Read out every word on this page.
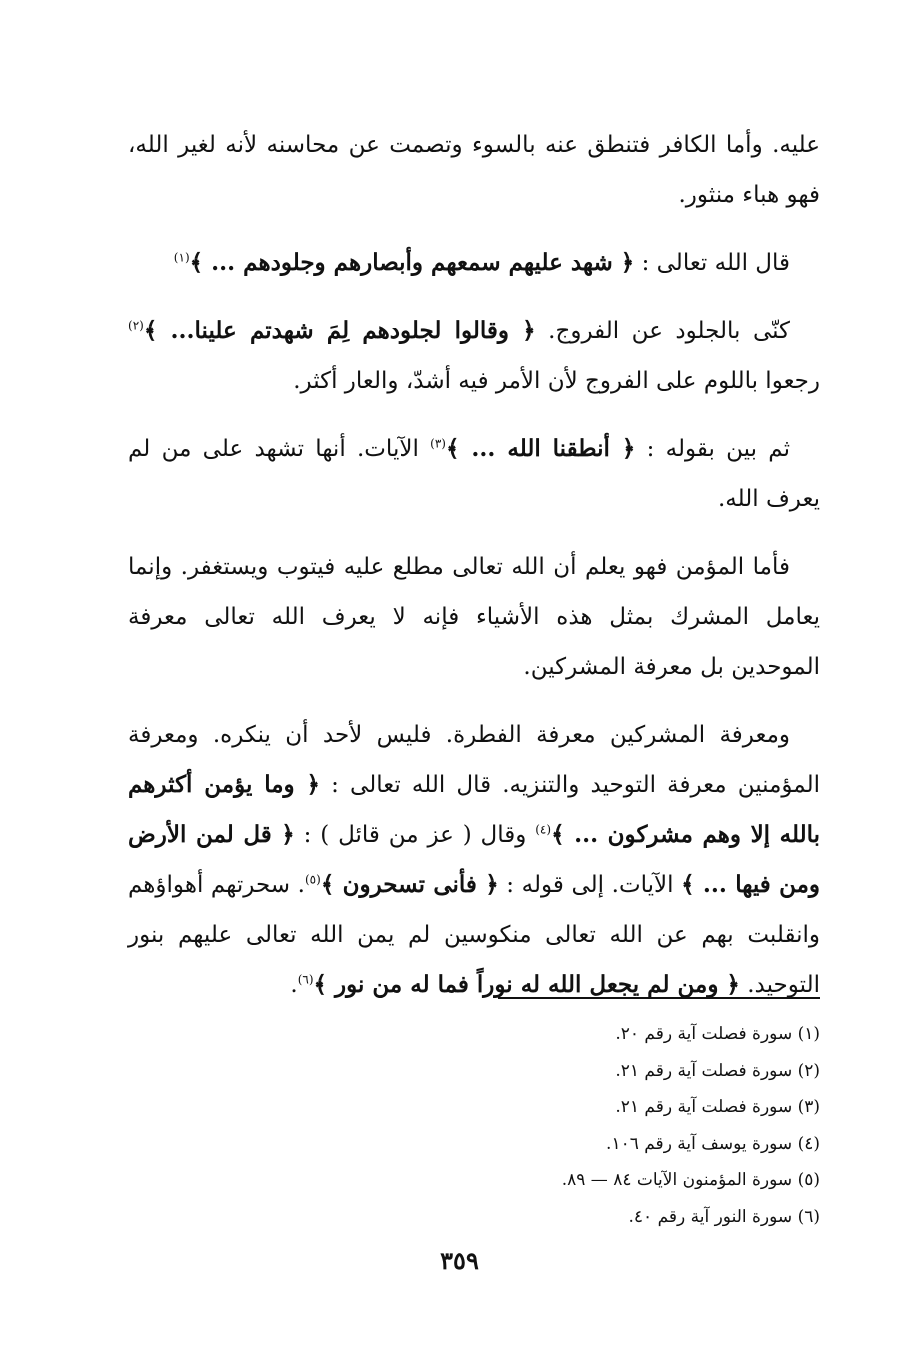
عليه. وأما الكافر فتنطق عنه بالسوء وتصمت عن محاسنه لأنه لغير الله، فهو هباء منثور.

قال الله تعالى : ﴿ شهد عليهم سمعهم وأبصارهم وجلودهم ... ﴾$^{(١)}$

كنّى بالجلود عن الفروج. ﴿ وقالوا لجلودهم لِمَ شهدتم علينا... ﴾$^{(٢)}$ رجعوا باللوم على الفروج لأن الأمر فيه أشدّ، والعار أكثر.

ثم بين بقوله : ﴿ أنطقنا الله ... ﴾$^{(٣)}$ الآيات. أنها تشهد على من لم يعرف الله.

فأما المؤمن فهو يعلم أن الله تعالى مطلع عليه فيتوب ويستغفر. وإنما يعامل المشرك بمثل هذه الأشياء فإنه لا يعرف الله تعالى معرفة الموحدين بل معرفة المشركين.

ومعرفة المشركين معرفة الفطرة. فليس لأحد أن ينكره. ومعرفة المؤمنين معرفة التوحيد والتنزيه. قال الله تعالى : ﴿ وما يؤمن أكثرهم بالله إلا وهم مشركون ... ﴾$^{(٤)}$ وقال ( عز من قائل ) : ﴿ قل لمن الأرض ومن فيها ... ﴾ الآيات. إلى قوله : ﴿ فأنى تسحرون ﴾$^{(٥)}$. سحرتهم أهواؤهم وانقلبت بهم عن الله تعالى منكوسين لم يمن الله تعالى عليهم بنور التوحيد. ﴿ ومن لم يجعل الله له نوراً فما له من نور ﴾$^{(٦)}$.

(١) سورة فصلت آية رقم ٢٠.
(٢) سورة فصلت آية رقم ٢١.
(٣) سورة فصلت آية رقم ٢١.
(٤) سورة يوسف آية رقم ١٠٦.
(٥) سورة المؤمنون الآيات ٨٤ — ٨٩.
(٦) سورة النور آية رقم ٤٠.
٣٥٩
